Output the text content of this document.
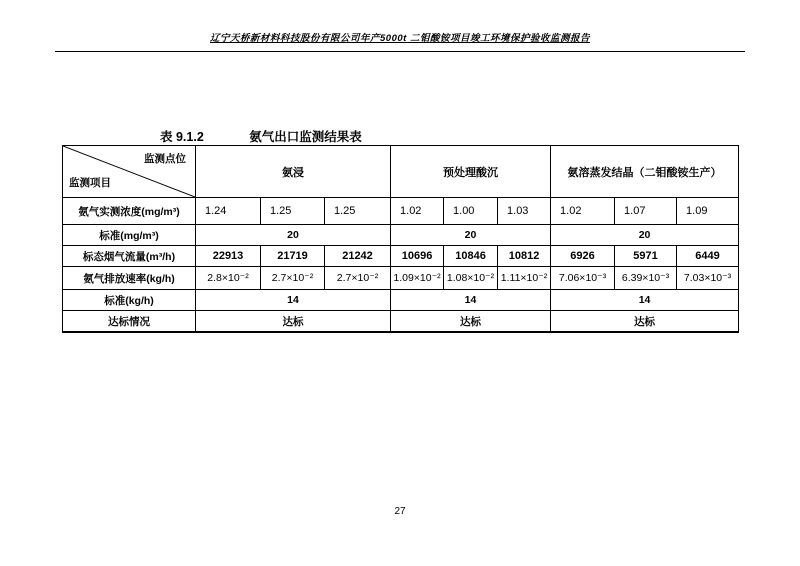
辽宁天桥新材料科技股份有限公司年产5000t 二钼酸铵项目竣工环境保护验收监测报告
表 9.1.2	氨气出口监测结果表
监测点位
监测项目	氨浸			预处理酸沉			氨溶蒸发结晶（二钼酸铵生产）		
氨气实测浓度(mg/m³)	1.24	1.25	1.25	1.02	1.00	1.03	1.02	1.07	1.09
标准(mg/m³)	20			20			20		
标态烟气流量(m³/h)	22913	21719	21242	10696	10846	10812	6926	5971	6449
氨气排放速率(kg/h)	2.8×10⁻²	2.7×10⁻²	2.7×10⁻²	1.09×10⁻²	1.08×10⁻²	1.11×10⁻²	7.06×10⁻³	6.39×10⁻³	7.03×10⁻³
标准(kg/h)	14			14			14		
达标情况	达标			达标			达标		
27
